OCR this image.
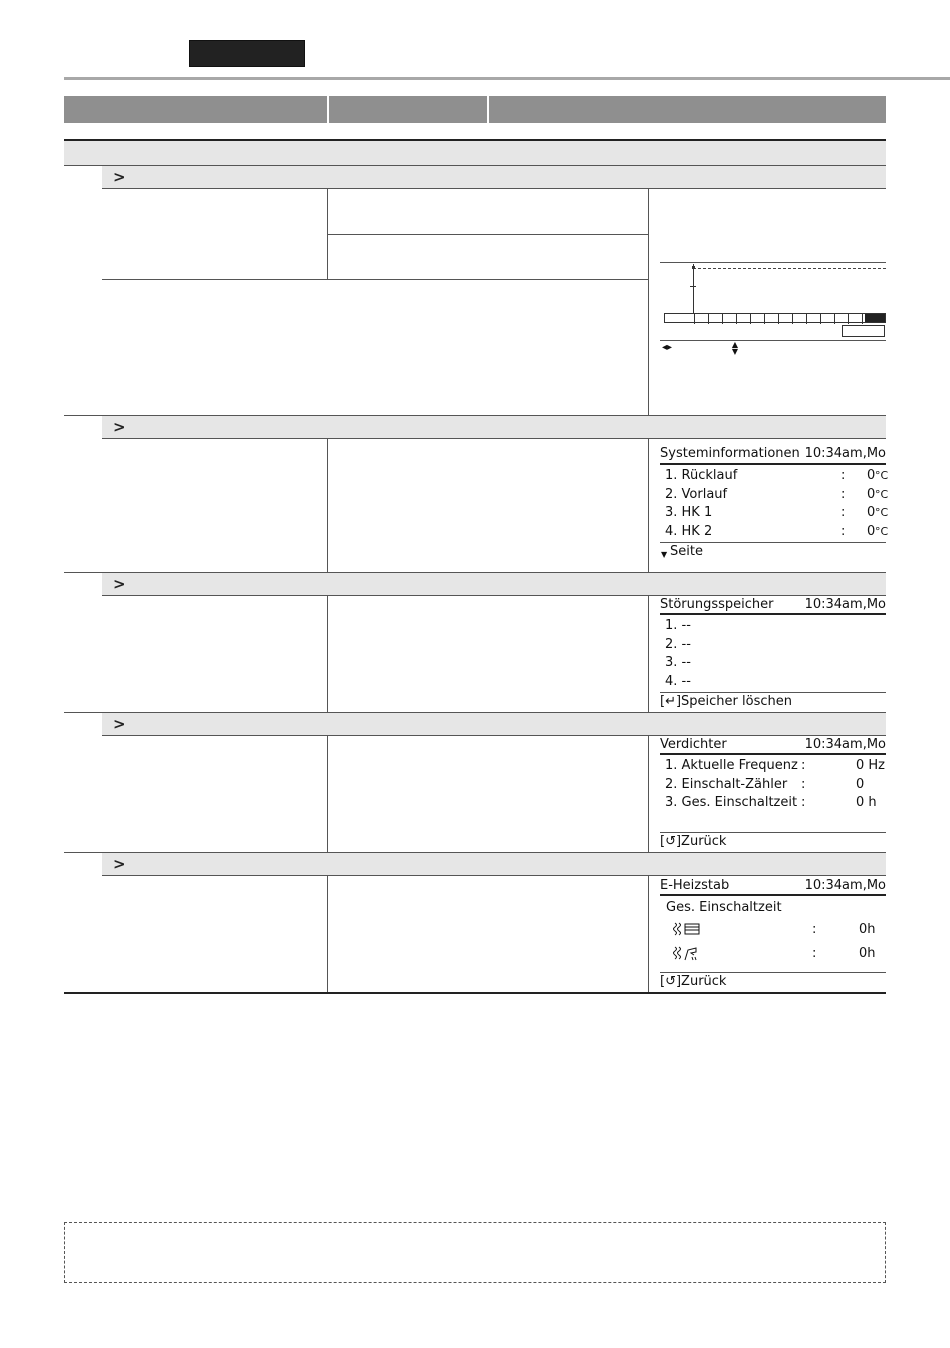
>
◂▸	▲
▼
>
Systeminformationen 10:34am,Mo
1. Rücklauf	: 0 °C
2. Vorlauf	: 0 °C
3. HK 1	: 0 °C
4. HK 2	: 0 °C
▼ Seite
>
Störungsspeicher 10:34am,Mo
1. --
2. --
3. --
4. --
[↵]Speicher löschen
>
Verdichter	10:34am,Mo
1. Aktuelle Frequenz :	0 Hz
2. Einschalt-Zähler :	0
3. Ges. Einschaltzeit :	0 h
[↺]Zurück
>
E-Heizstab	10:34am,Mo
Ges. Einschaltzeit
:	0h
:	0h
[↺]Zurück
